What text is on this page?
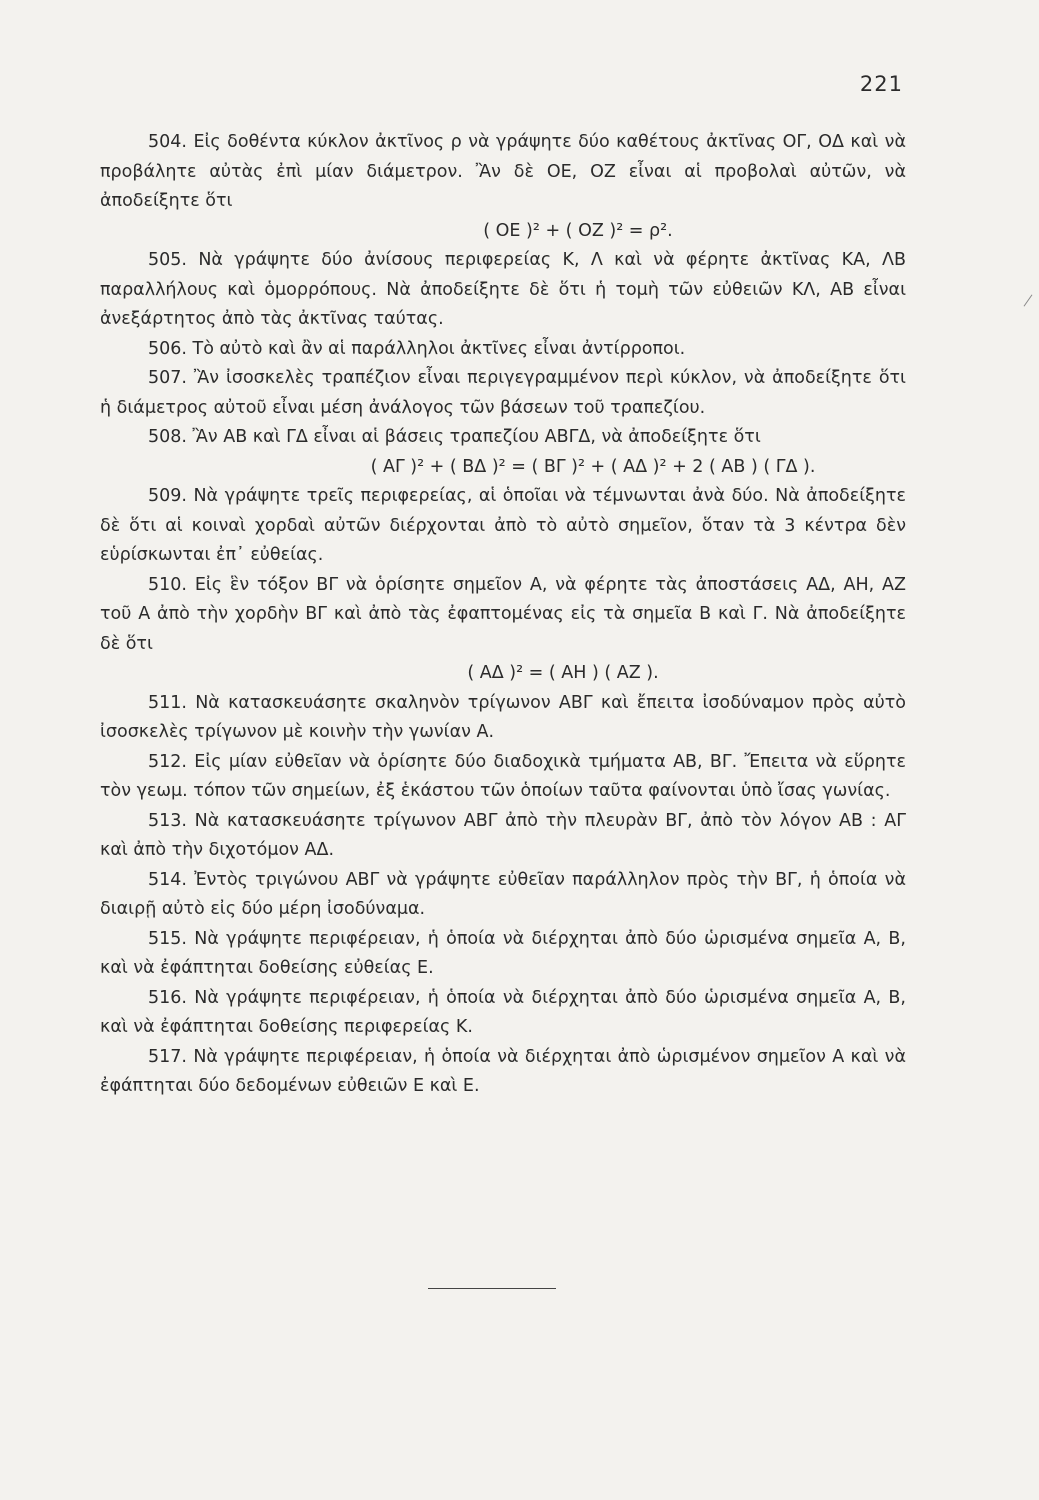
221

504. Εἰς δοθέντα κύκλον ἀκτῖνος ρ νὰ γράψητε δύο καθέτους ἀκτῖνας ΟΓ, ΟΔ καὶ νὰ προβάλητε αὐτὰς ἐπὶ μίαν διάμετρον. Ἂν δὲ ΟΕ, ΟΖ εἶναι αἱ προβολαὶ αὐτῶν, νὰ ἀποδείξητε ὅτι

( ΟΕ )² + ( ΟΖ )² = ρ².

505. Νὰ γράψητε δύο ἀνίσους περιφερείας Κ, Λ καὶ νὰ φέρητε ἀκτῖνας ΚΑ, ΛΒ παραλλήλους καὶ ὁμορρόπους. Νὰ ἀποδείξητε δὲ ὅτι ἡ τομὴ τῶν εὐθειῶν ΚΛ, ΑΒ εἶναι ἀνεξάρτητος ἀπὸ τὰς ἀκτῖνας ταύτας.

506. Τὸ αὐτὸ καὶ ἂν αἱ παράλληλοι ἀκτῖνες εἶναι ἀντίρροποι.

507. Ἂν ἰσοσκελὲς τραπέζιον εἶναι περιγεγραμμένον περὶ κύκλον, νὰ ἀποδείξητε ὅτι ἡ διάμετρος αὐτοῦ εἶναι μέση ἀνάλογος τῶν βάσεων τοῦ τραπεζίου.

508. Ἂν ΑΒ καὶ ΓΔ εἶναι αἱ βάσεις τραπεζίου ΑΒΓΔ, νὰ ἀποδείξητε ὅτι

( ΑΓ )² + ( ΒΔ )² = ( ΒΓ )² + ( ΑΔ )² + 2 ( ΑΒ ) ( ΓΔ ).

509. Νὰ γράψητε τρεῖς περιφερείας, αἱ ὁποῖαι νὰ τέμνωνται ἀνὰ δύο. Νὰ ἀποδείξητε δὲ ὅτι αἱ κοιναὶ χορδαὶ αὐτῶν διέρχονται ἀπὸ τὸ αὐτὸ σημεῖον, ὅταν τὰ 3 κέντρα δὲν εὑρίσκωνται ἐπ᾿ εὐθείας.

510. Εἰς ἓν τόξον ΒΓ νὰ ὁρίσητε σημεῖον Α, νὰ φέρητε τὰς ἀποστάσεις ΑΔ, ΑΗ, ΑΖ τοῦ Α ἀπὸ τὴν χορδὴν ΒΓ καὶ ἀπὸ τὰς ἐφαπτομένας εἰς τὰ σημεῖα Β καὶ Γ. Νὰ ἀποδείξητε δὲ ὅτι

( ΑΔ )² = ( ΑΗ ) ( ΑΖ ).

511. Νὰ κατασκευάσητε σκαληνὸν τρίγωνον ΑΒΓ καὶ ἔπειτα ἰσοδύναμον πρὸς αὐτὸ ἰσοσκελὲς τρίγωνον μὲ κοινὴν τὴν γωνίαν Α.

512. Εἰς μίαν εὐθεῖαν νὰ ὁρίσητε δύο διαδοχικὰ τμήματα ΑΒ, ΒΓ. Ἔπειτα νὰ εὕρητε τὸν γεωμ. τόπον τῶν σημείων, ἐξ ἑκάστου τῶν ὁποίων ταῦτα φαίνονται ὑπὸ ἴσας γωνίας.

513. Νὰ κατασκευάσητε τρίγωνον ΑΒΓ ἀπὸ τὴν πλευρὰν ΒΓ, ἀπὸ τὸν λόγον ΑΒ : ΑΓ καὶ ἀπὸ τὴν διχοτόμον ΑΔ.

514. Ἐντὸς τριγώνου ΑΒΓ νὰ γράψητε εὐθεῖαν παράλληλον πρὸς τὴν ΒΓ, ἡ ὁποία νὰ διαιρῇ αὐτὸ εἰς δύο μέρη ἰσοδύναμα.

515. Νὰ γράψητε περιφέρειαν, ἡ ὁποία νὰ διέρχηται ἀπὸ δύο ὡρισμένα σημεῖα Α, Β, καὶ νὰ ἐφάπτηται δοθείσης εὐθείας Ε.

516. Νὰ γράψητε περιφέρειαν, ἡ ὁποία νὰ διέρχηται ἀπὸ δύο ὡρισμένα σημεῖα Α, Β, καὶ νὰ ἐφάπτηται δοθείσης περιφερείας Κ.

517. Νὰ γράψητε περιφέρειαν, ἡ ὁποία νὰ διέρχηται ἀπὸ ὡρισμένον σημεῖον Α καὶ νὰ ἐφάπτηται δύο δεδομένων εὐθειῶν Ε καὶ Ε.
